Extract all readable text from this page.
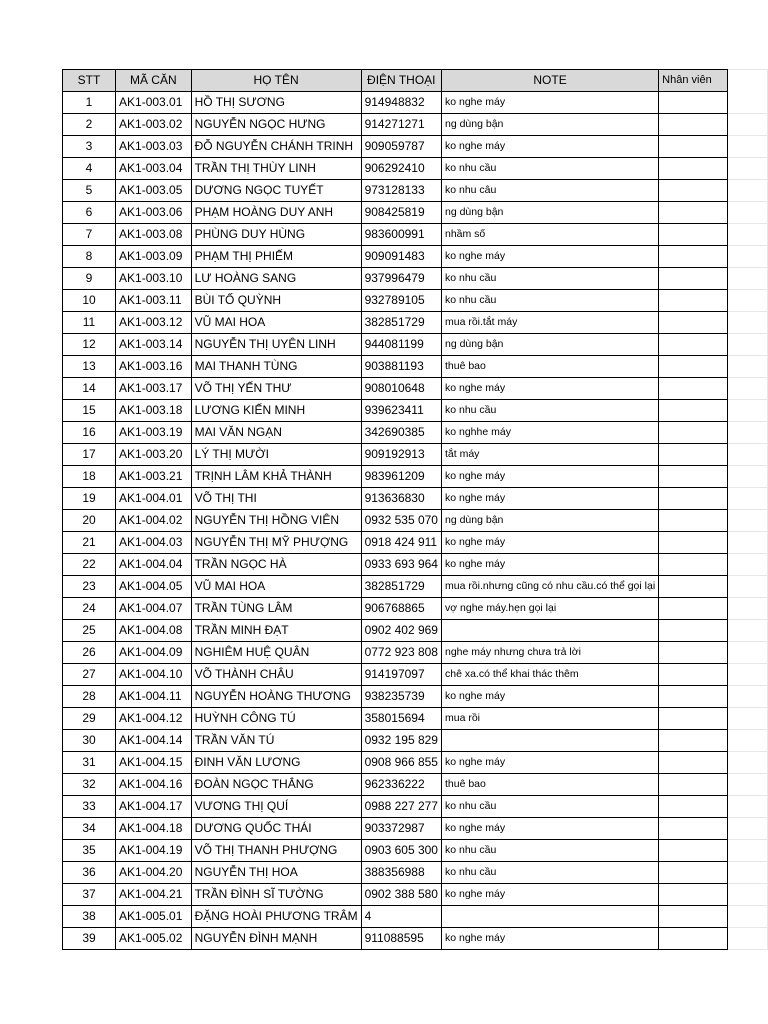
STT	MÃ CĂN	HỌ TÊN	ĐIỆN THOẠI	NOTE	Nhân viên	
1	AK1-003.01	HỒ THỊ SƯƠNG	914948832	ko nghe máy		
2	AK1-003.02	NGUYỄN NGỌC HƯNG	914271271	ng dùng bận		
3	AK1-003.03	ĐỖ NGUYỄN CHÁNH TRINH	909059787	ko nghe máy		
4	AK1-003.04	TRẦN THỊ THÙY LINH	906292410	ko nhu cầu		
5	AK1-003.05	DƯƠNG NGỌC TUYẾT	973128133	ko nhu câu		
6	AK1-003.06	PHẠM HOÀNG DUY ANH	908425819	ng dùng bận		
7	AK1-003.08	PHÙNG DUY HÙNG	983600991	nhầm số		
8	AK1-003.09	PHẠM THỊ PHIẾM	909091483	ko nghe máy		
9	AK1-003.10	LƯ HOÀNG SANG	937996479	ko nhu cầu		
10	AK1-003.11	BÙI TỐ QUỲNH	932789105	ko nhu cầu		
11	AK1-003.12	VŨ MAI HOA	382851729	mua rồi.tắt máy		
12	AK1-003.14	NGUYỄN THỊ UYÊN LINH	944081199	ng dùng bận		
13	AK1-003.16	MAI THANH TÙNG	903881193	thuê bao		
14	AK1-003.17	VÕ THỊ YẾN THƯ	908010648	ko nghe máy		
15	AK1-003.18	LƯƠNG KIẾN MINH	939623411	ko nhu cầu		
16	AK1-003.19	MAI VĂN NGẠN	342690385	ko nghhe máy		
17	AK1-003.20	LÝ THỊ MƯỜI	909192913	tắt máy		
18	AK1-003.21	TRỊNH LÂM KHẢ THÀNH	983961209	ko nghe máy		
19	AK1-004.01	VÕ THỊ THI	913636830	ko nghe máy		
20	AK1-004.02	NGUYỄN THỊ HỒNG VIÊN	0932 535 070	ng dùng bận		
21	AK1-004.03	NGUYỄN THỊ MỸ PHƯỢNG	0918 424 911	ko nghe máy		
22	AK1-004.04	TRẦN NGỌC HÀ	0933 693 964	ko nghe máy		
23	AK1-004.05	VŨ MAI HOA	382851729	mua rồi.nhưng cũng có nhu cầu.có thể gọi lại		
24	AK1-004.07	TRẦN TÙNG LÂM	906768865	vợ nghe máy.hẹn gọi lại		
25	AK1-004.08	TRẦN MINH ĐẠT	0902 402 969			
26	AK1-004.09	NGHIÊM HUỆ QUÂN	0772 923 808	nghe máy nhưng chưa trả lời		
27	AK1-004.10	VÕ THÀNH CHÂU	914197097	chê xa.có thể khai thác thêm		
28	AK1-004.11	NGUYỄN HOÀNG THƯƠNG	938235739	ko nghe máy		
29	AK1-004.12	HUỲNH CÔNG TÚ	358015694	mua rồi		
30	AK1-004.14	TRẦN VĂN TÚ	0932 195 829			
31	AK1-004.15	ĐINH VĂN LƯƠNG	0908 966 855	ko nghe máy		
32	AK1-004.16	ĐOÀN NGỌC THẮNG	962336222	thuê bao		
33	AK1-004.17	VƯƠNG THỊ QUÍ	0988 227 277	ko nhu cầu		
34	AK1-004.18	DƯƠNG QUỐC THÁI	903372987	ko nghe máy		
35	AK1-004.19	VÕ THỊ THANH PHƯỢNG	0903 605 300	ko nhu cầu		
36	AK1-004.20	NGUYỄN THỊ HOA	388356988	ko nhu cầu		
37	AK1-004.21	TRẦN ĐÌNH SĨ TƯỜNG	0902 388 580	ko nghe máy		
38	AK1-005.01	ĐẶNG HOÀI PHƯƠNG TRÂM	4			
39	AK1-005.02	NGUYỄN ĐÌNH MẠNH	911088595	ko nghe máy		
